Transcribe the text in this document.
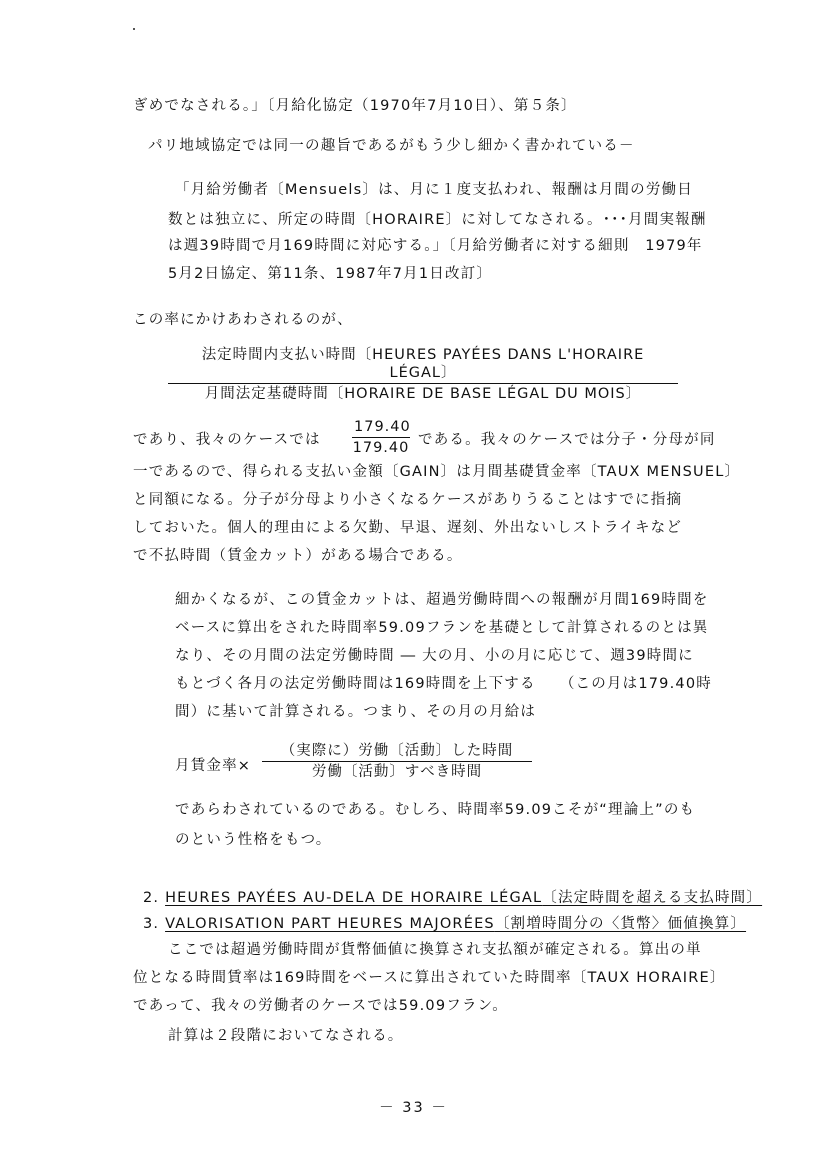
ぎめでなされる。」〔月給化協定（1970年7月10日）、第５条〕
パリ地域協定では同一の趣旨であるがもう少し細かく書かれている－
「月給労働者〔Mensuels〕は、月に１度支払われ、報酬は月間の労働日
数とは独立に、所定の時間〔HORAIRE〕に対してなされる。･･･月間実報酬
は週39時間で月169時間に対応する。」〔月給労働者に対する細則　1979年
5月2日協定、第11条、1987年7月1日改訂〕
この率にかけあわされるのが、
法定時間内支払い時間〔HEURES PAYÉES DANS L'HORAIRE LÉGAL〕
月間法定基礎時間〔HORAIRE DE BASE LÉGAL DU MOIS〕
であり、我々のケースでは
179.40
179.40 である。我々のケースでは分子・分母が同
一であるので、得られる支払い金額〔GAIN〕は月間基礎賃金率〔TAUX MENSUEL〕
と同額になる。分子が分母より小さくなるケースがありうることはすでに指摘
しておいた。個人的理由による欠勤、早退、遅刻、外出ないしストライキなど
で不払時間（賃金カット）がある場合である。
細かくなるが、この賃金カットは、超過労働時間への報酬が月間169時間を
ベースに算出をされた時間率59.09フランを基礎として計算されるのとは異
なり、その月間の法定労働時間 ― 大の月、小の月に応じて、週39時間に
もとづく各月の法定労働時間は169時間を上下する　　（この月は179.40時
間）に基いて計算される。つまり、その月の月給は
月賃金率×
（実際に）労働〔活動〕した時間
労働〔活動〕すべき時間
であらわされているのである。むしろ、時間率59.09こそが“理論上”のも
のという性格をもつ。
2. HEURES PAYÉES AU-DELA DE HORAIRE LÉGAL〔法定時間を超える支払時間〕
3. VALORISATION PART HEURES MAJORÉES〔割増時間分の〈貨幣〉価値換算〕
ここでは超過労働時間が貨幣価値に換算され支払額が確定される。算出の単
位となる時間賃率は169時間をベースに算出されていた時間率〔TAUX HORAIRE〕
であって、我々の労働者のケースでは59.09フラン。
計算は２段階においてなされる。
－ 33 －
